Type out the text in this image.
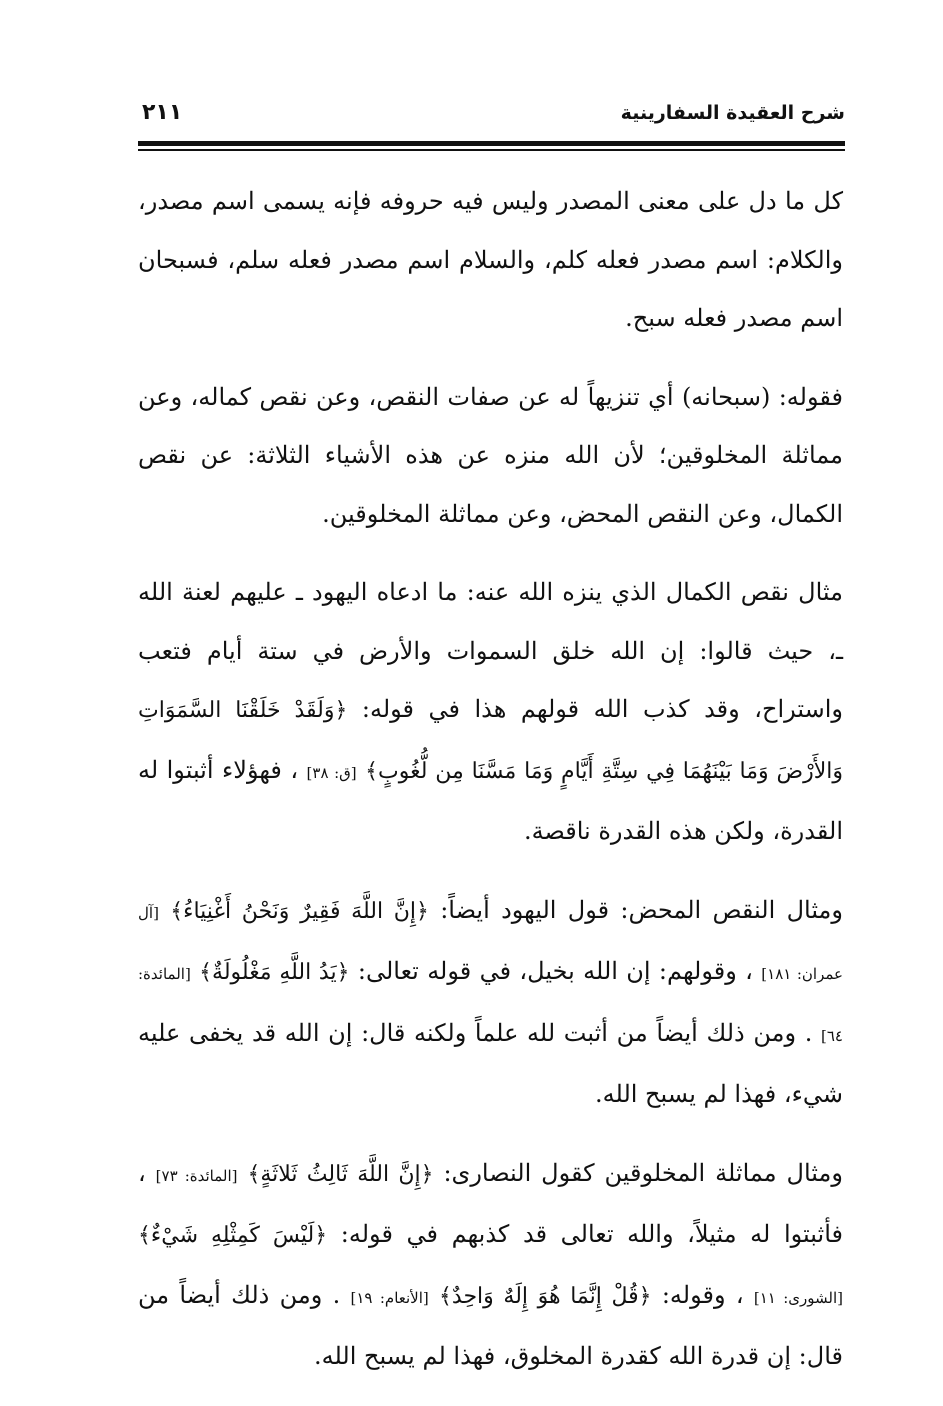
شرح العقيدة السفارينية
٢١١

كل ما دل على معنى المصدر وليس فيه حروفه فإنه يسمى اسم مصدر، والكلام: اسم مصدر فعله كلم، والسلام اسم مصدر فعله سلم، فسبحان اسم مصدر فعله سبح.

فقوله: (سبحانه) أي تنزيهاً له عن صفات النقص، وعن نقص كماله، وعن مماثلة المخلوقين؛ لأن الله منزه عن هذه الأشياء الثلاثة: عن نقص الكمال، وعن النقص المحض، وعن مماثلة المخلوقين.

مثال نقص الكمال الذي ينزه الله عنه: ما ادعاه اليهود ـ عليهم لعنة الله ـ، حيث قالوا: إن الله خلق السموات والأرض في ستة أيام فتعب واستراح، وقد كذب الله قولهم هذا في قوله: ﴿وَلَقَدْ خَلَقْنَا السَّمَوَاتِ وَالأَرْضَ وَمَا بَيْنَهُمَا فِي سِتَّةِ أَيَّامٍ وَمَا مَسَّنَا مِن لُّغُوبٍ﴾ [ق: ٣٨] ، فهؤلاء أثبتوا له القدرة، ولكن هذه القدرة ناقصة.

ومثال النقص المحض: قول اليهود أيضاً: ﴿إِنَّ اللَّهَ فَقِيرٌ وَنَحْنُ أَغْنِيَاءُ﴾ [آل عمران: ١٨١] ، وقولهم: إن الله بخيل، في قوله تعالى: ﴿يَدُ اللَّهِ مَغْلُولَةٌ﴾ [المائدة: ٦٤] . ومن ذلك أيضاً من أثبت لله علماً ولكنه قال: إن الله قد يخفى عليه شيء، فهذا لم يسبح الله.

ومثال مماثلة المخلوقين كقول النصارى: ﴿إِنَّ اللَّهَ ثَالِثُ ثَلاثَةٍ﴾ [المائدة: ٧٣] ، فأثبتوا له مثيلاً، والله تعالى قد كذبهم في قوله: ﴿لَيْسَ كَمِثْلِهِ شَيْءٌ﴾ [الشورى: ١١] ، وقوله: ﴿قُلْ إِنَّمَا هُوَ إِلَهٌ وَاحِدٌ﴾ [الأنعام: ١٩] . ومن ذلك أيضاً من قال: إن قدرة الله كقدرة المخلوق، فهذا لم يسبح الله.
